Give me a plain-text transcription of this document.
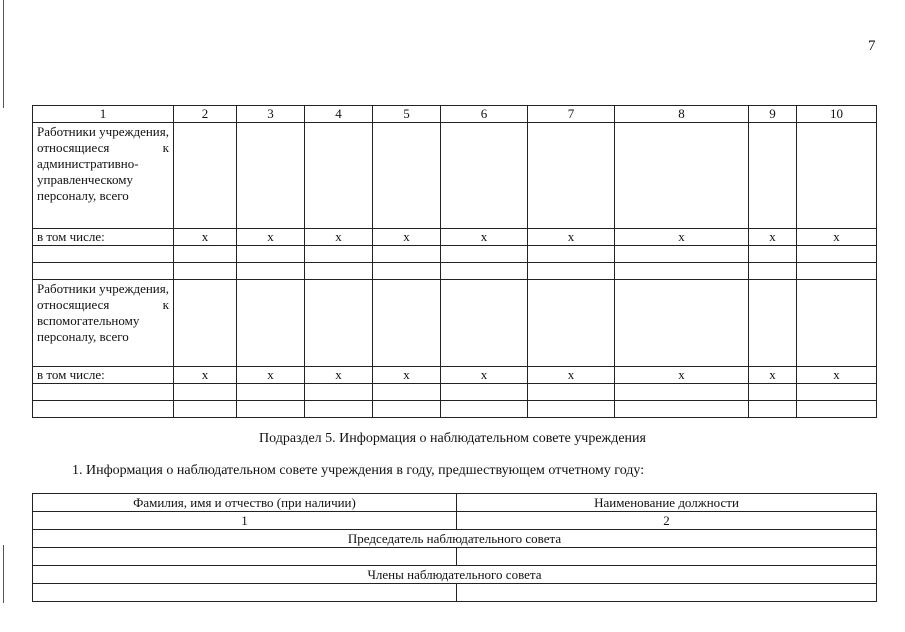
7
1	2	3	4	5	6	7	8	9	10
Работники учреждения, относящиеся к административно-управленческому персоналу, всего									
в том числе:	x	x	x	x	x	x	x	x	x

Работники учреждения, относящиеся к вспомогательному персоналу, всего									
в том числе:	x	x	x	x	x	x	x	x	x

Подраздел 5. Информация о наблюдательном совете учреждения
1. Информация о наблюдательном совете учреждения в году, предшествующем отчетному году:
Фамилия, имя и отчество (при наличии)	Наименование должности
1	2
Председатель наблюдательного совета	

Члены наблюдательного совета	
